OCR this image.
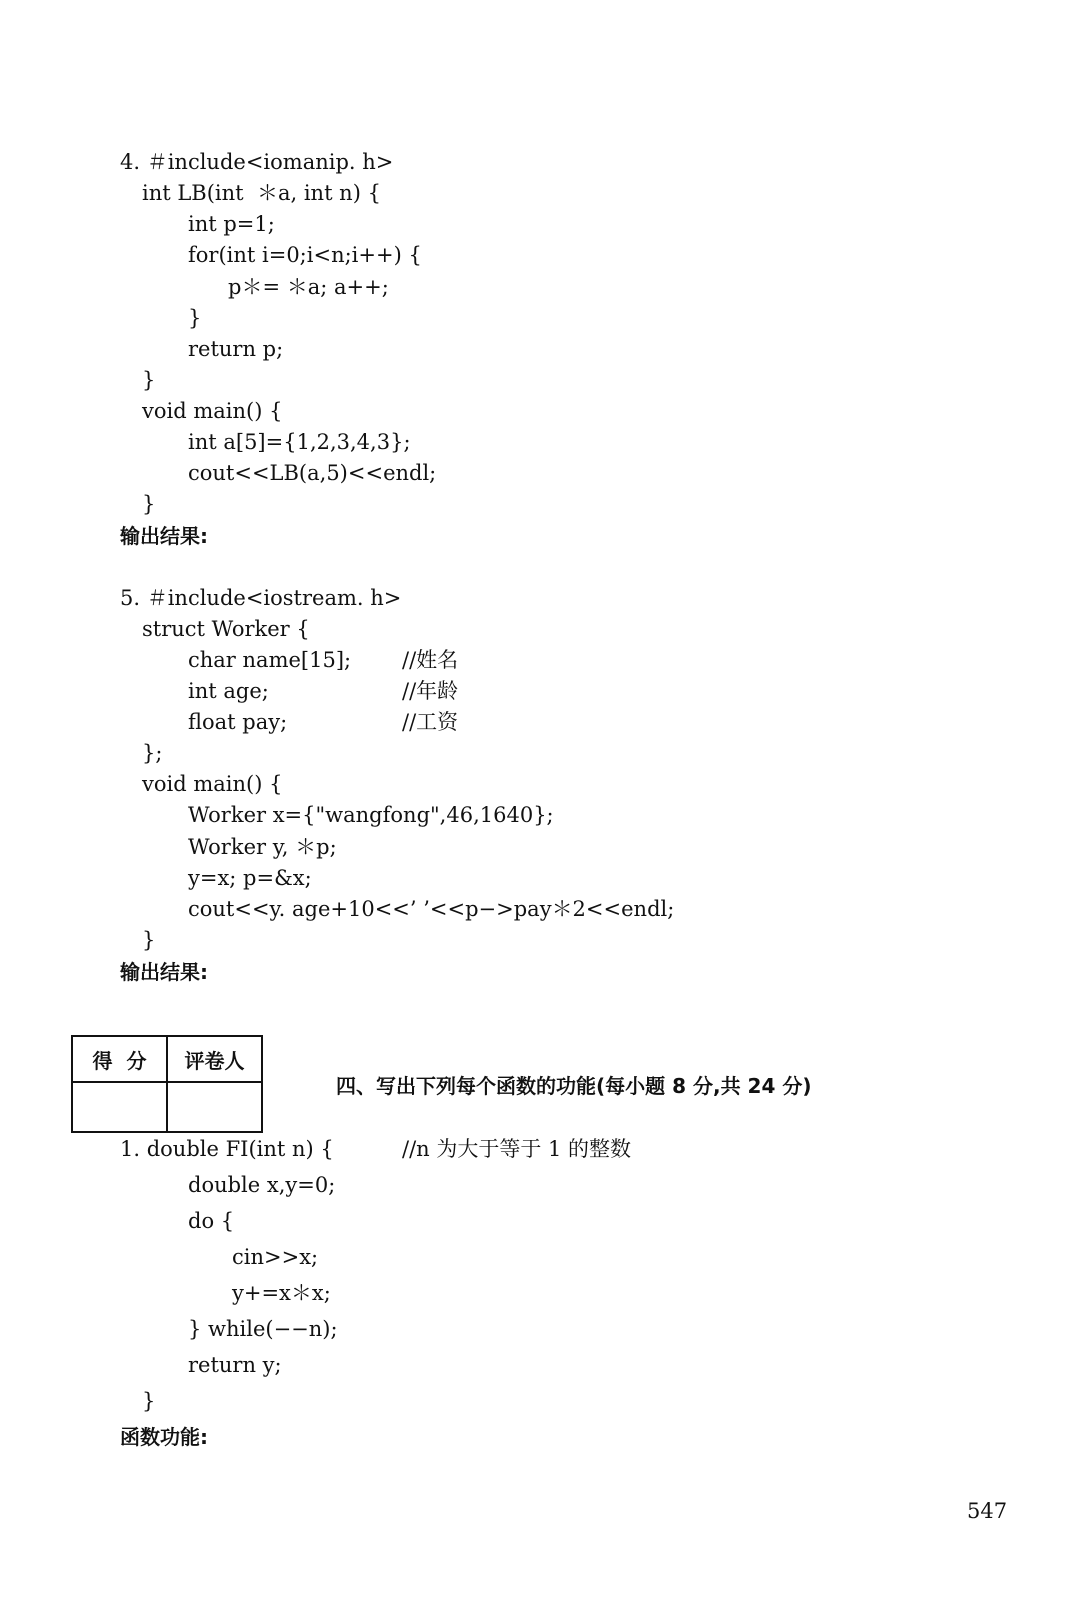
4. ＃include<iomanip. h>
int LB(int  ＊a, int n) {
int p=1;
for(int i=0;i<n;i++) {
p＊= ＊a; a++;
}
return p;
}
void main() {
int a[5]={1,2,3,4,3};
cout<<LB(a,5)<<endl;
}
输出结果:
5. ＃include<iostream. h>
struct Worker {
char name[15];
int age;
float pay;
//姓名
//年龄
//工资
};
void main() {
Worker x={"wangfong",46,1640};
Worker y, ＊p;
y=x; p=&x;
cout<<y. age+10<<’ ’<<p−>pay＊2<<endl;
}
输出结果:
得  分	评卷人

四、写出下列每个函数的功能(每小题 8 分,共 24 分)
1. double FI(int n) {	//n 为大于等于 1 的整数
double x,y=0;
do {
cin>>x;
y+=x＊x;
} while(−−n);
return y;
}
函数功能:
547
